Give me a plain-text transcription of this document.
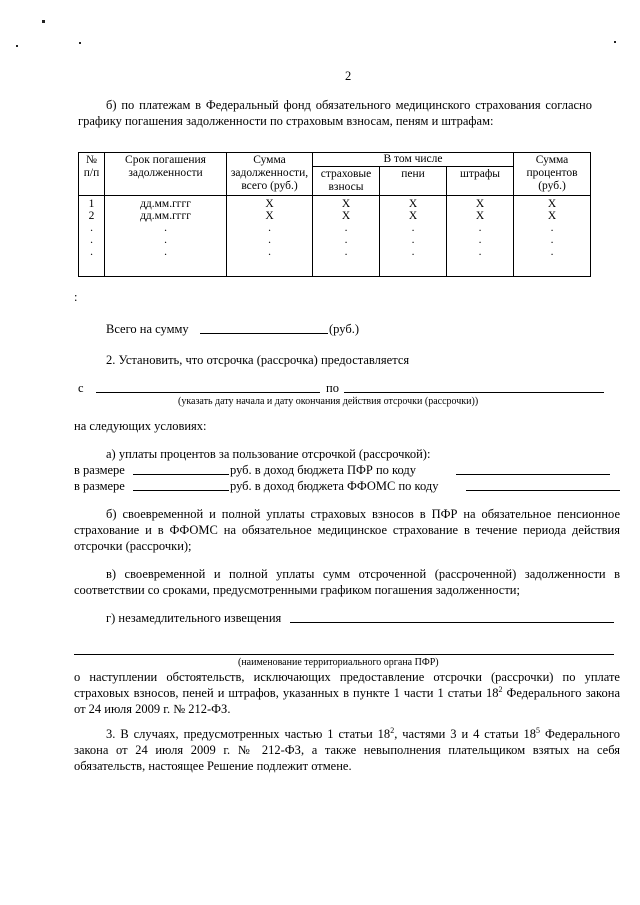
2
б) по платежам в Федеральный фонд обязательного медицинского страхования согласно графику погашения задолженности по страховым взносам, пеням и штрафам:
№ п/п	Срок погашения задолженности	Сумма задолженности, всего (руб.)	В том числе			Сумма процентов (руб.)
			страховые взносы	пени	штрафы	
1	дд.мм.гггг	Х	Х	Х	Х	Х
2	дд.мм.гггг	Х	Х	Х	Х	Х
.	.	.	.	.	.	.
.	.	.	.	.	.	.
.	.	.	.	.	.	.
:
Всего на сумму	(руб.)
2. Установить, что отсрочка (рассрочка) предоставляется
с	по
(указать дату начала и дату окончания действия отсрочки (рассрочки))
на следующих условиях:
а) уплаты процентов за пользование отсрочкой (рассрочкой):
в размере	руб. в доход бюджета ПФР по коду
в размере	руб. в доход бюджета ФФОМС по коду
б) своевременной и полной уплаты страховых взносов в ПФР на обязательное пенсионное страхование и в ФФОМС на обязательное медицинское страхование в течение периода действия отсрочки (рассрочки);
в) своевременной и полной уплаты сумм отсроченной (рассроченной) задолженности в соответствии со сроками, предусмотренными графиком погашения задолженности;
г) незамедлительного извещения
(наименование территориального органа ПФР)
о наступлении обстоятельств, исключающих предоставление отсрочки (рассрочки) по уплате страховых взносов, пеней и штрафов, указанных в пункте 1 части 1 статьи $18^2$ Федерального закона от 24 июля 2009 г. № 212-ФЗ.
3. В случаях, предусмотренных частью 1 статьи $18^2$, частями 3 и 4 статьи $18^5$ Федерального закона от 24 июля 2009 г. № 212-ФЗ, а также невыполнения плательщиком взятых на себя обязательств, настоящее Решение подлежит отмене.
